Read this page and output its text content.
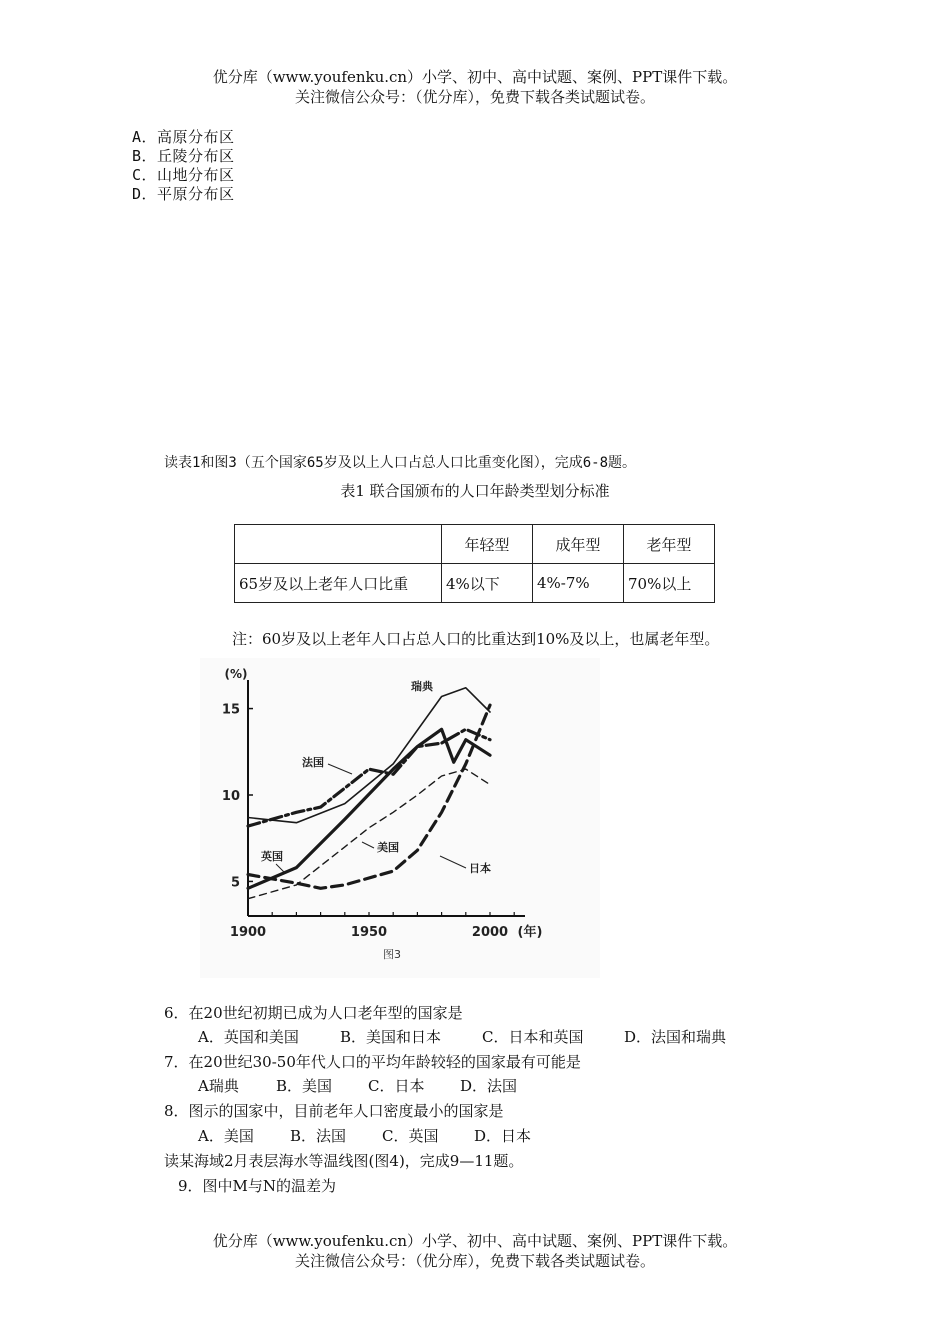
优分库（www.youfenku.cn）小学、初中、高中试题、案例、PPT课件下载。
关注微信公众号：（优分库），免费下载各类试题试卷。
A．高原分布区
B．丘陵分布区
C．山地分布区
D．平原分布区
读表1和图3（五个国家65岁及以上人口占总人口比重变化图），完成6-8题。
表1 联合国颁布的人口年龄类型划分标准
	年轻型	成年型	老年型
65岁及以上老年人口比重	4%以下	4%-7%	70%以上
注：60岁及以上老年人口占总人口的比重达到10%及以上，也属老年型。
5
10
15
1900	1950	2000 (年)
(%)
图3
瑞典
法国
英国
美国
日本
6．在20世纪初期已成为人口老年型的国家是
A．英国和美国	B．美国和日本	C．日本和英国	D．法国和瑞典
7．在20世纪30-50年代人口的平均年龄较轻的国家最有可能是
A瑞典 B．美国 C．日本 D．法国
8．图示的国家中，目前老年人口密度最小的国家是
A．美国 B．法国 C．英国 D．日本
读某海域2月表层海水等温线图(图4)，完成9—11题。
9．图中M与N的温差为
优分库（www.youfenku.cn）小学、初中、高中试题、案例、PPT课件下载。
关注微信公众号：（优分库），免费下载各类试题试卷。
